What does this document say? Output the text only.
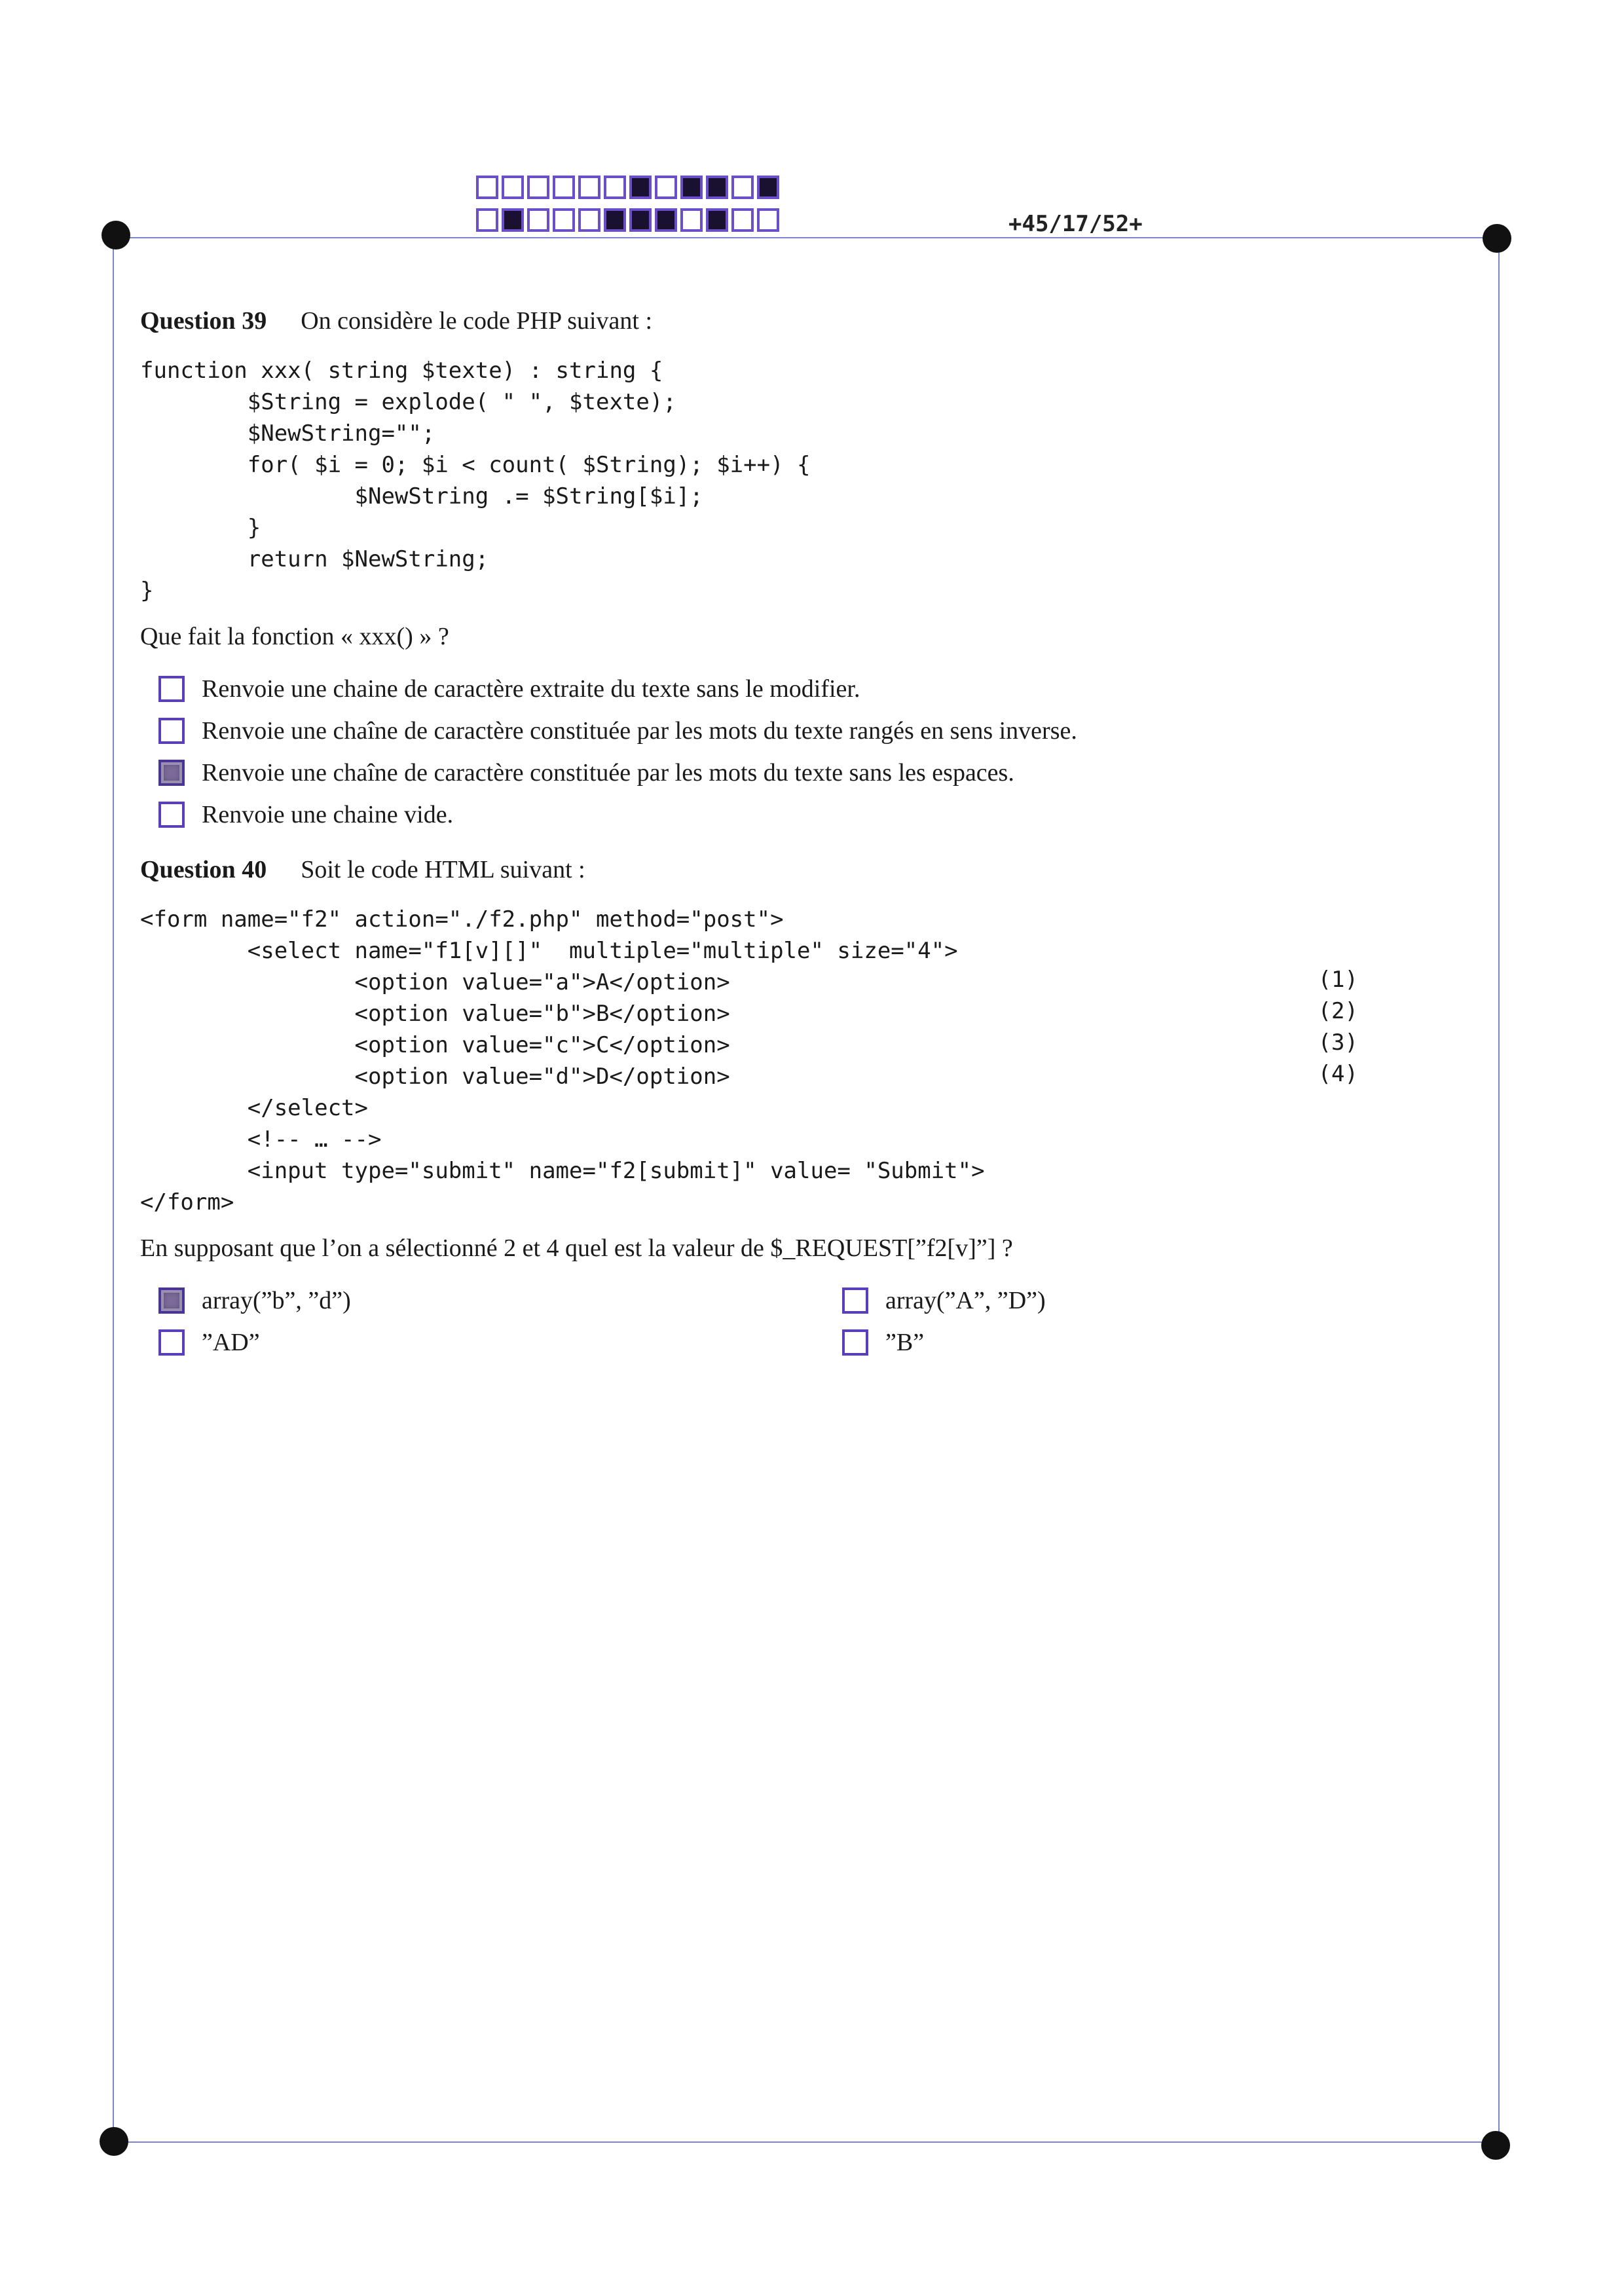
+45/17/52+
Question 39 On considère le code PHP suivant :
function xxx( string $texte) : string {
$String = explode( " ", $texte);
$NewString="";
for( $i = 0; $i < count( $String); $i++) {
$NewString .= $String[$i];
}
return $NewString;
}
Que fait la fonction « xxx() » ?
Renvoie une chaine de caractère extraite du texte sans le modifier.
Renvoie une chaîne de caractère constituée par les mots du texte rangés en sens inverse.
Renvoie une chaîne de caractère constituée par les mots du texte sans les espaces.
Renvoie une chaine vide.
Question 40 Soit le code HTML suivant :
<form name="f2" action="./f2.php" method="post">
<select name="f1[v][]"  multiple="multiple" size="4">
<option value="a">A</option>	(1)
<option value="b">B</option>	(2)
<option value="c">C</option>	(3)
<option value="d">D</option>	(4)
</select>
<!-- … -->
<input type="submit" name="f2[submit]" value= "Submit">
</form>
En supposant que l’on a sélectionné 2 et 4 quel est la valeur de $_REQUEST[”f2[v]”] ?
array(”b”, ”d”)	array(”A”, ”D”)
”AD”	”B”
